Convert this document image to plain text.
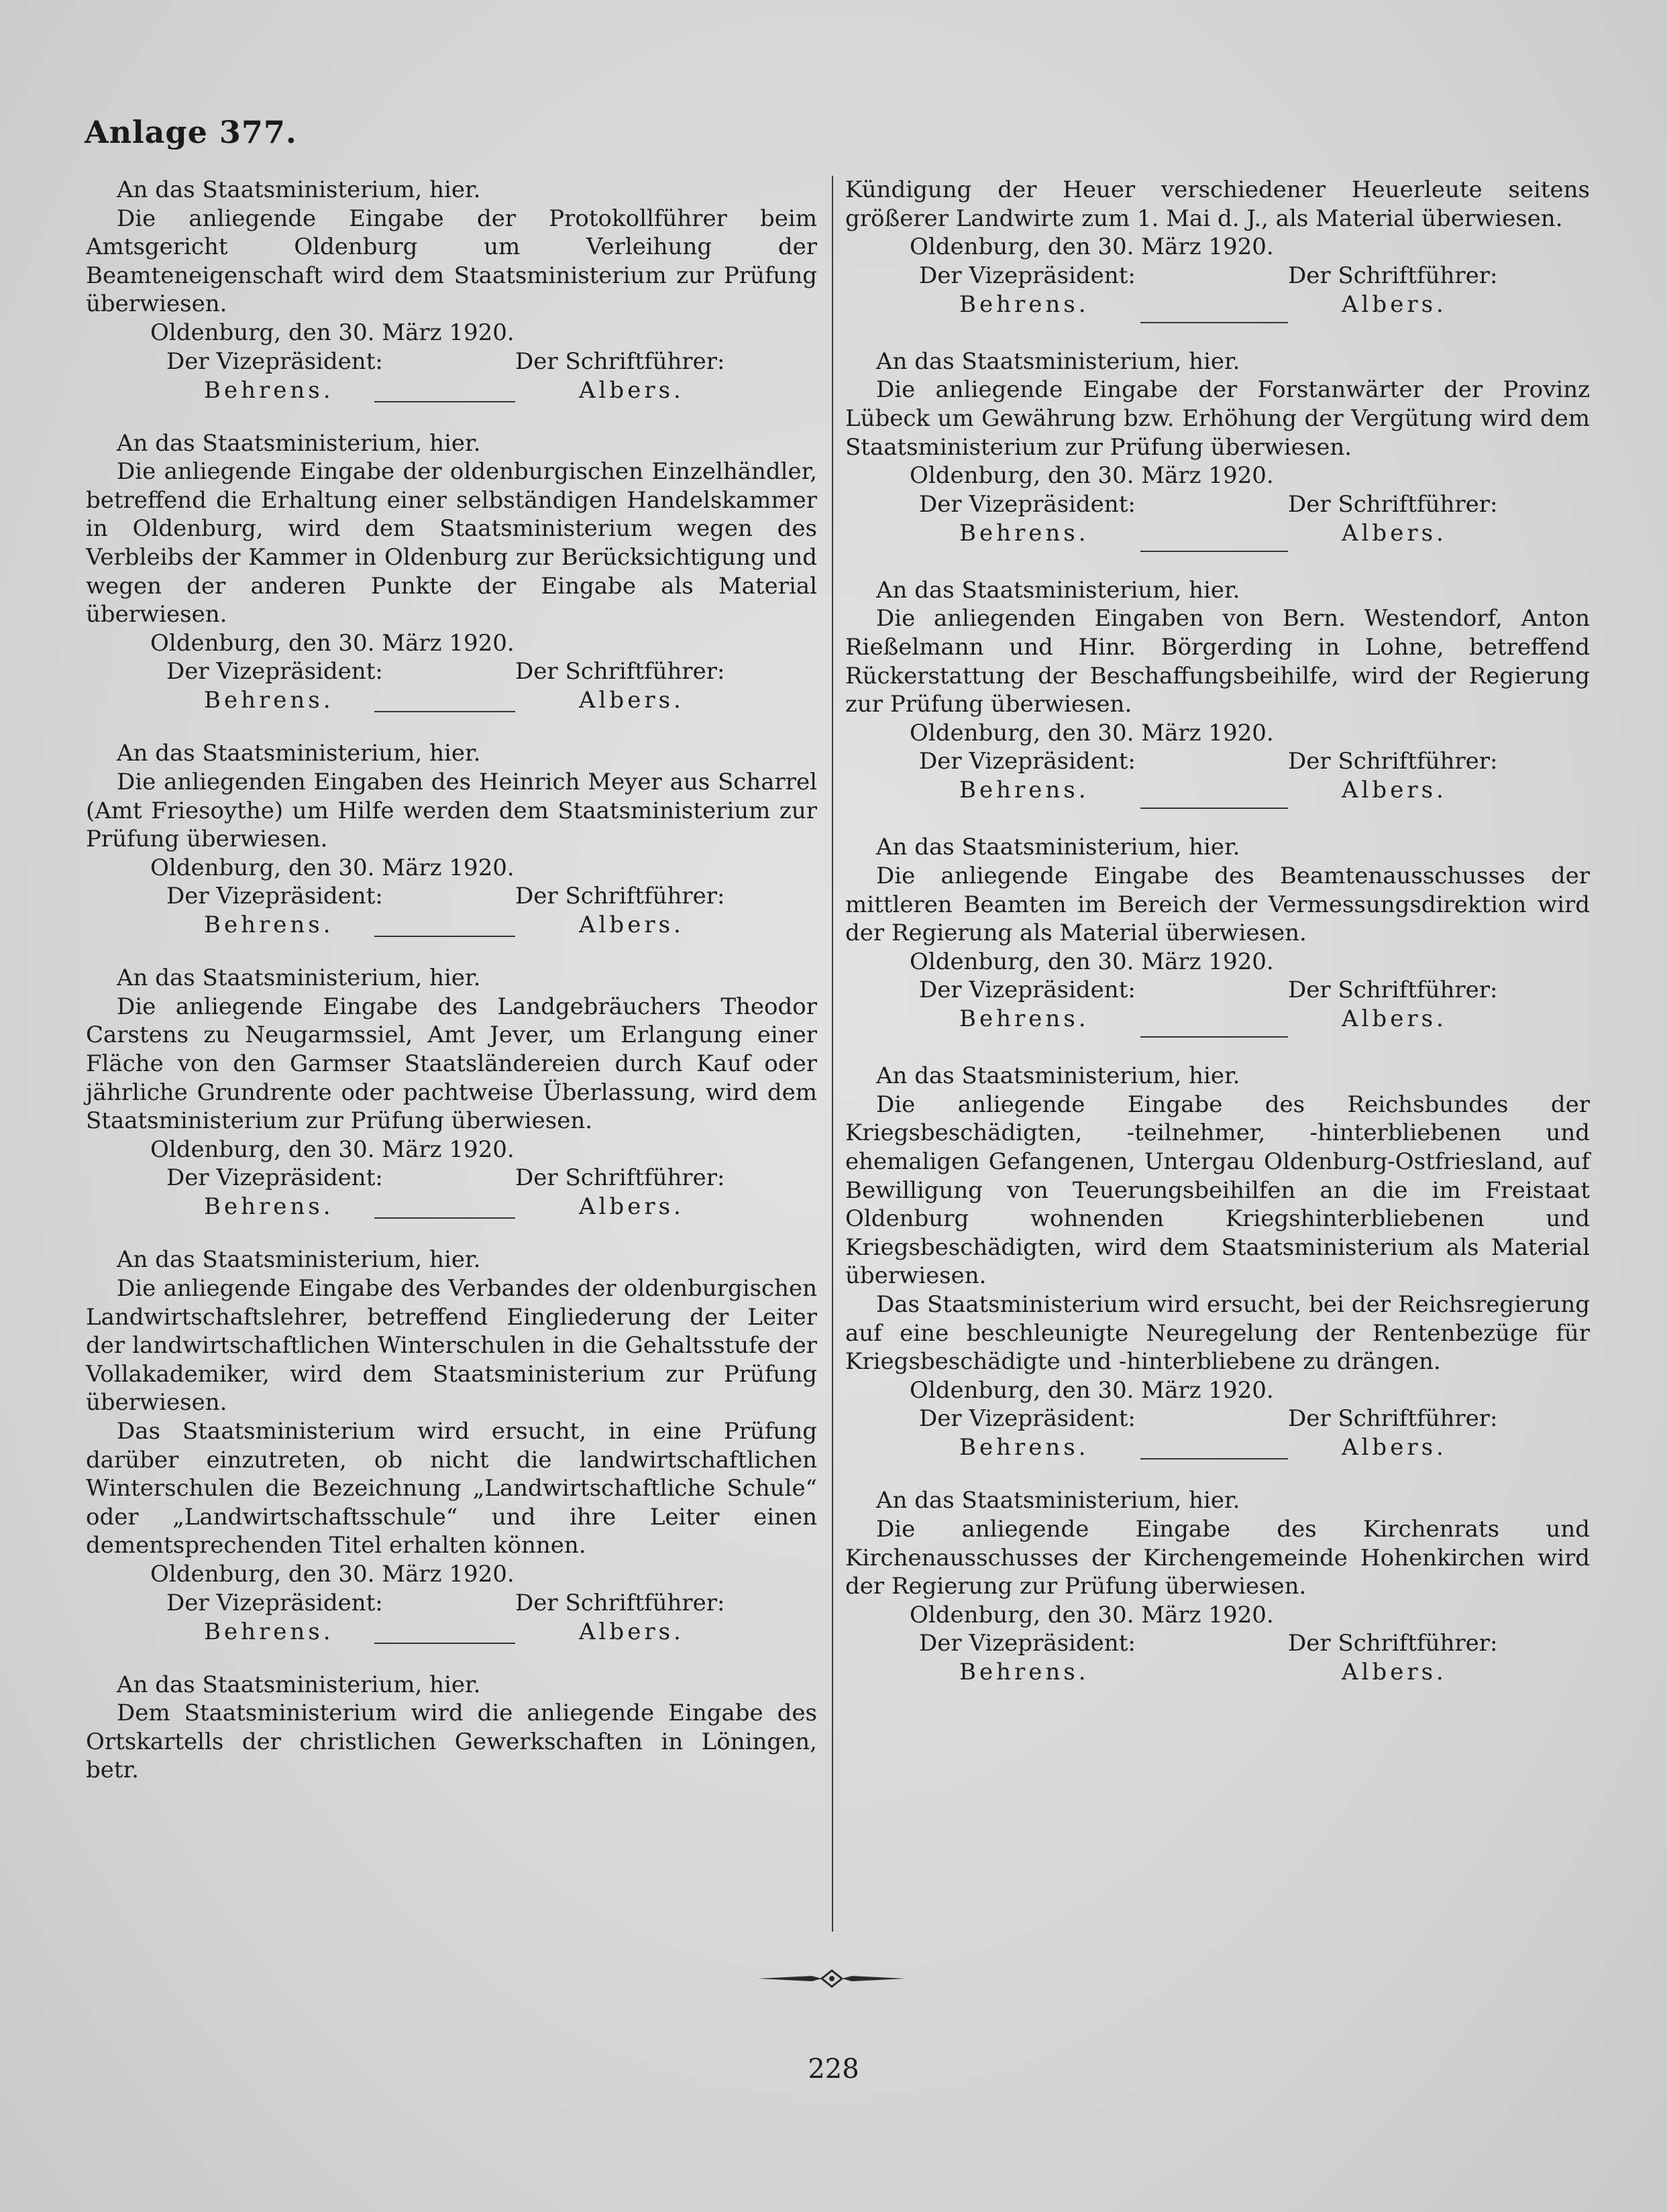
Anlage 377.

An das Staatsministerium, hier.

Die anliegende Eingabe der Protokollführer beim Amtsgericht Oldenburg um Verleihung der Beamteneigenschaft wird dem Staatsministerium zur Prüfung überwiesen.

Oldenburg, den 30. März 1920.

Der Vizepräsident:
Behrens.
Der Schriftführer:
Albers.

An das Staatsministerium, hier.

Die anliegende Eingabe der oldenburgischen Einzelhändler, betreffend die Erhaltung einer selbständigen Handelskammer in Oldenburg, wird dem Staatsministerium wegen des Verbleibs der Kammer in Oldenburg zur Berücksichtigung und wegen der anderen Punkte der Eingabe als Material überwiesen.

Oldenburg, den 30. März 1920.

Der Vizepräsident:
Behrens.
Der Schriftführer:
Albers.

An das Staatsministerium, hier.

Die anliegenden Eingaben des Heinrich Meyer aus Scharrel (Amt Friesoythe) um Hilfe werden dem Staatsministerium zur Prüfung überwiesen.

Oldenburg, den 30. März 1920.

Der Vizepräsident:
Behrens.
Der Schriftführer:
Albers.

An das Staatsministerium, hier.

Die anliegende Eingabe des Landgebräuchers Theodor Carstens zu Neugarmssiel, Amt Jever, um Erlangung einer Fläche von den Garmser Staatsländereien durch Kauf oder jährliche Grundrente oder pachtweise Überlassung, wird dem Staatsministerium zur Prüfung überwiesen.

Oldenburg, den 30. März 1920.

Der Vizepräsident:
Behrens.
Der Schriftführer:
Albers.

An das Staatsministerium, hier.

Die anliegende Eingabe des Verbandes der oldenburgischen Landwirtschaftslehrer, betreffend Eingliederung der Leiter der landwirtschaftlichen Winterschulen in die Gehaltsstufe der Vollakademiker, wird dem Staatsministerium zur Prüfung überwiesen.

Das Staatsministerium wird ersucht, in eine Prüfung darüber einzutreten, ob nicht die landwirtschaftlichen Winterschulen die Bezeichnung „Landwirtschaftliche Schule“ oder „Landwirtschaftsschule“ und ihre Leiter einen dementsprechenden Titel erhalten können.

Oldenburg, den 30. März 1920.

Der Vizepräsident:
Behrens.
Der Schriftführer:
Albers.

An das Staatsministerium, hier.

Dem Staatsministerium wird die anliegende Eingabe des Ortskartells der christlichen Gewerkschaften in Löningen, betr.

Kündigung der Heuer verschiedener Heuerleute seitens größerer Landwirte zum 1. Mai d. J., als Material überwiesen.

Oldenburg, den 30. März 1920.

Der Vizepräsident:
Behrens.
Der Schriftführer:
Albers.

An das Staatsministerium, hier.

Die anliegende Eingabe der Forstanwärter der Provinz Lübeck um Gewährung bzw. Erhöhung der Vergütung wird dem Staatsministerium zur Prüfung überwiesen.

Oldenburg, den 30. März 1920.

Der Vizepräsident:
Behrens.
Der Schriftführer:
Albers.

An das Staatsministerium, hier.

Die anliegenden Eingaben von Bern. Westendorf, Anton Rießelmann und Hinr. Börgerding in Lohne, betreffend Rückerstattung der Beschaffungsbeihilfe, wird der Regierung zur Prüfung überwiesen.

Oldenburg, den 30. März 1920.

Der Vizepräsident:
Behrens.
Der Schriftführer:
Albers.

An das Staatsministerium, hier.

Die anliegende Eingabe des Beamtenausschusses der mittleren Beamten im Bereich der Vermessungsdirektion wird der Regierung als Material überwiesen.

Oldenburg, den 30. März 1920.

Der Vizepräsident:
Behrens.
Der Schriftführer:
Albers.

An das Staatsministerium, hier.

Die anliegende Eingabe des Reichsbundes der Kriegsbeschädigten, -teilnehmer, -hinterbliebenen und ehemaligen Gefangenen, Untergau Oldenburg-Ostfriesland, auf Bewilligung von Teuerungsbeihilfen an die im Freistaat Oldenburg wohnenden Kriegshinterbliebenen und Kriegsbeschädigten, wird dem Staatsministerium als Material überwiesen.

Das Staatsministerium wird ersucht, bei der Reichsregierung auf eine beschleunigte Neuregelung der Rentenbezüge für Kriegsbeschädigte und -hinterbliebene zu drängen.

Oldenburg, den 30. März 1920.

Der Vizepräsident:
Behrens.
Der Schriftführer:
Albers.

An das Staatsministerium, hier.

Die anliegende Eingabe des Kirchenrats und Kirchenausschusses der Kirchengemeinde Hohenkirchen wird der Regierung zur Prüfung überwiesen.

Oldenburg, den 30. März 1920.

Der Vizepräsident:
Behrens.
Der Schriftführer:
Albers.
228
